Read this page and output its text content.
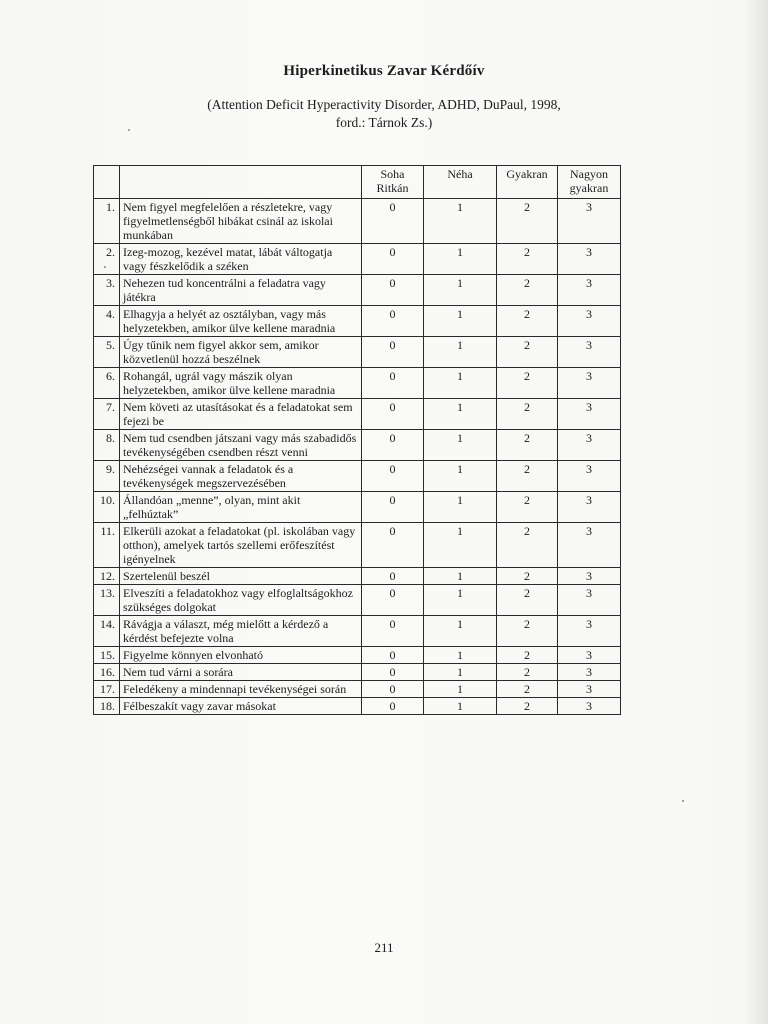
Hiperkinetikus Zavar Kérdőív
(Attention Deficit Hyperactivity Disorder, ADHD, DuPaul, 1998,
ford.: Tárnok Zs.)
		Soha Ritkán	Néha	Gyakran	Nagyon gyakran
1.	Nem figyel megfelelően a részletekre, vagy figyelmetlenségből hibákat csinál az iskolai munkában	0	1	2	3
2.	Izeg-mozog, kezével matat, lábát váltogatja vagy fészkelődik a széken	0	1	2	3
3.	Nehezen tud koncentrálni a feladatra vagy játékra	0	1	2	3
4.	Elhagyja a helyét az osztályban, vagy más helyzetekben, amikor ülve kellene maradnia	0	1	2	3
5.	Úgy tűnik nem figyel akkor sem, amikor közvetlenül hozzá beszélnek	0	1	2	3
6.	Rohangál, ugrál vagy mászik olyan helyzetekben, amikor ülve kellene maradnia	0	1	2	3
7.	Nem követi az utasításokat és a feladatokat sem fejezi be	0	1	2	3
8.	Nem tud csendben játszani vagy más szabadidős tevékenységében csendben részt venni	0	1	2	3
9.	Nehézségei vannak a feladatok és a tevékenységek megszervezésében	0	1	2	3
10.	Állandóan „menne”, olyan, mint akit „felhúztak”	0	1	2	3
11.	Elkerüli azokat a feladatokat (pl. iskolában vagy otthon), amelyek tartós szellemi erőfeszítést igényelnek	0	1	2	3
12.	Szertelenül beszél	0	1	2	3
13.	Elveszíti a feladatokhoz vagy elfoglaltságokhoz szükséges dolgokat	0	1	2	3
14.	Rávágja a választ, még mielőtt a kérdező a kérdést befejezte volna	0	1	2	3
15.	Figyelme könnyen elvonható	0	1	2	3
16.	Nem tud várni a sorára	0	1	2	3
17.	Feledékeny a mindennapi tevékenységei során	0	1	2	3
18.	Félbeszakít vagy zavar másokat	0	1	2	3
211
